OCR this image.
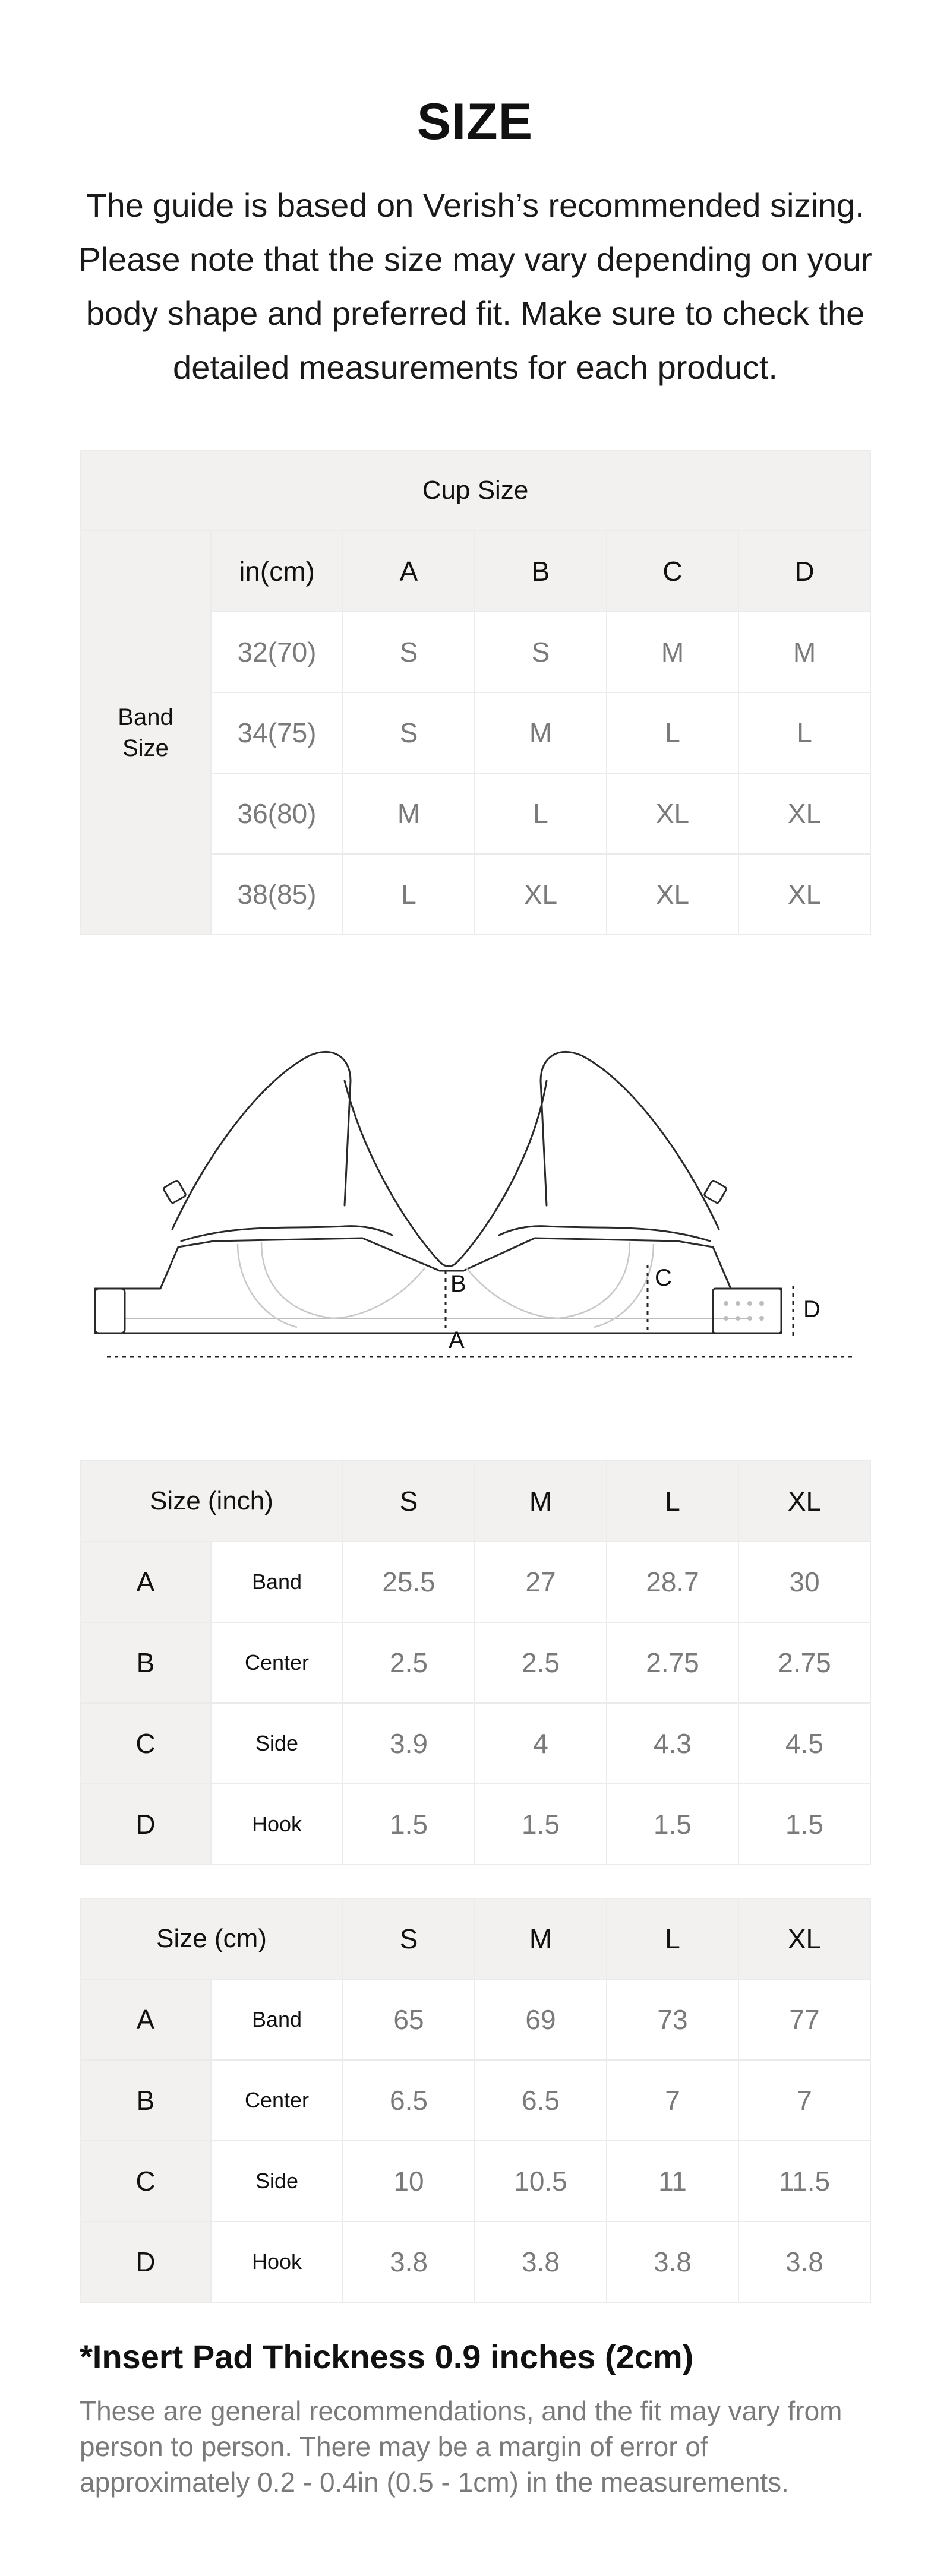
SIZE
The guide is based on Verish’s recommended sizing. Please note that the size may vary depending on your body shape and preferred fit. Make sure to check the detailed measurements for each product.
Cup Size					
Band
Size	in(cm)	A	B	C	D
	32(70)	S	S	M	M
	34(75)	S	M	L	L
	36(80)	M	L	XL	XL
	38(85)	L	XL	XL	XL
B	C
D
A
Size (inch)		S	M	L	XL
A	Band	25.5	27	28.7	30
B	Center	2.5	2.5	2.75	2.75
C	Side	3.9	4	4.3	4.5
D	Hook	1.5	1.5	1.5	1.5
Size (cm)		S	M	L	XL
A	Band	65	69	73	77
B	Center	6.5	6.5	7	7
C	Side	10	10.5	11	11.5
D	Hook	3.8	3.8	3.8	3.8
*Insert Pad Thickness 0.9 inches (2cm)
These are general recommendations, and the fit may vary from person to person. There may be a margin of error of approximately 0.2 - 0.4in (0.5 - 1cm) in the measurements.
